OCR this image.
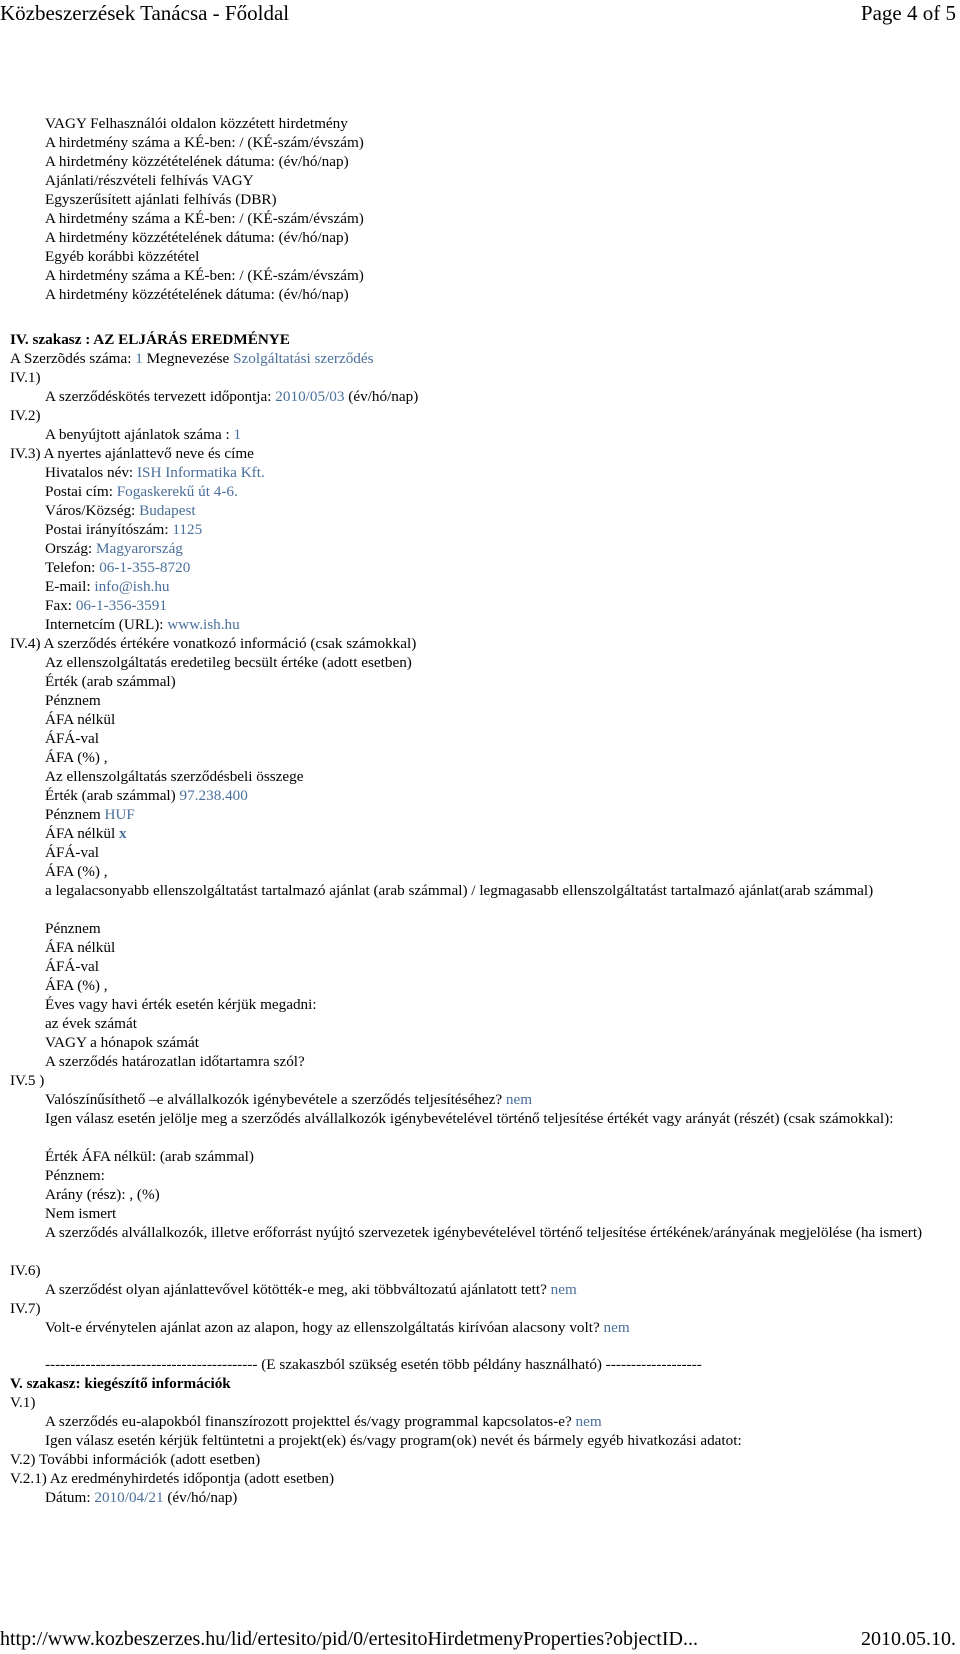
Közbeszerzések Tanácsa - Főoldal	Page 4 of 5
VAGY Felhasználói oldalon közzétett hirdetmény
A hirdetmény száma a KÉ-ben: / (KÉ-szám/évszám)
A hirdetmény közzétételének dátuma: (év/hó/nap)
Ajánlati/részvételi felhívás VAGY
Egyszerűsített ajánlati felhívás (DBR)
A hirdetmény száma a KÉ-ben: / (KÉ-szám/évszám)
A hirdetmény közzétételének dátuma: (év/hó/nap)
Egyéb korábbi közzététel
A hirdetmény száma a KÉ-ben: / (KÉ-szám/évszám)
A hirdetmény közzétételének dátuma: (év/hó/nap)
IV. szakasz : AZ ELJÁRÁS EREDMÉNYE
A Szerzõdés száma: 1 Megnevezése Szolgáltatási szerződés
IV.1)
A szerződéskötés tervezett időpontja: 2010/05/03 (év/hó/nap)
IV.2)
A benyújtott ajánlatok száma : 1
IV.3) A nyertes ajánlattevő neve és címe
Hivatalos név: ISH Informatika Kft.
Postai cím: Fogaskerekű út 4-6.
Város/Község: Budapest
Postai irányítószám: 1125
Ország: Magyarország
Telefon: 06-1-355-8720
E-mail: info@ish.hu
Fax: 06-1-356-3591
Internetcím (URL): www.ish.hu
IV.4) A szerződés értékére vonatkozó információ (csak számokkal)
Az ellenszolgáltatás eredetileg becsült értéke (adott esetben)
Érték (arab számmal)
Pénznem
ÁFA nélkül
ÁFÁ-val
ÁFA (%) ,
Az ellenszolgáltatás szerződésbeli összege
Érték (arab számmal) 97.238.400
Pénznem HUF
ÁFA nélkül x
ÁFÁ-val
ÁFA (%) ,
a legalacsonyabb ellenszolgáltatást tartalmazó ajánlat (arab számmal) / legmagasabb ellenszolgáltatást tartalmazó ajánlat(arab számmal)
Pénznem
ÁFA nélkül
ÁFÁ-val
ÁFA (%) ,
Éves vagy havi érték esetén kérjük megadni:
az évek számát
VAGY a hónapok számát
A szerződés határozatlan időtartamra szól?
IV.5 )
Valószínűsíthető –e alvállalkozók igénybevétele a szerződés teljesítéséhez? nem
Igen válasz esetén jelölje meg a szerződés alvállalkozók igénybevételével történő teljesítése értékét vagy arányát (részét) (csak számokkal):
Érték ÁFA nélkül: (arab számmal)
Pénznem:
Arány (rész): , (%)
Nem ismert
A szerződés alvállalkozók, illetve erőforrást nyújtó szervezetek igénybevételével történő teljesítése értékének/arányának megjelölése (ha ismert)
IV.6)
A szerződést olyan ajánlattevővel kötötték-e meg, aki többváltozatú ajánlatott tett? nem
IV.7)
Volt-e érvénytelen ajánlat azon az alapon, hogy az ellenszolgáltatás kirívóan alacsony volt? nem
------------------------------------------ (E szakaszból szükség esetén több példány használható) -------------------
V. szakasz: kiegészítő információk
V.1)
A szerződés eu-alapokból finanszírozott projekttel és/vagy programmal kapcsolatos-e? nem
Igen válasz esetén kérjük feltüntetni a projekt(ek) és/vagy program(ok) nevét és bármely egyéb hivatkozási adatot:
V.2) További információk (adott esetben)
V.2.1) Az eredményhirdetés időpontja (adott esetben)
Dátum: 2010/04/21 (év/hó/nap)
http://www.kozbeszerzes.hu/lid/ertesito/pid/0/ertesitoHirdetmenyProperties?objectID...	2010.05.10.
